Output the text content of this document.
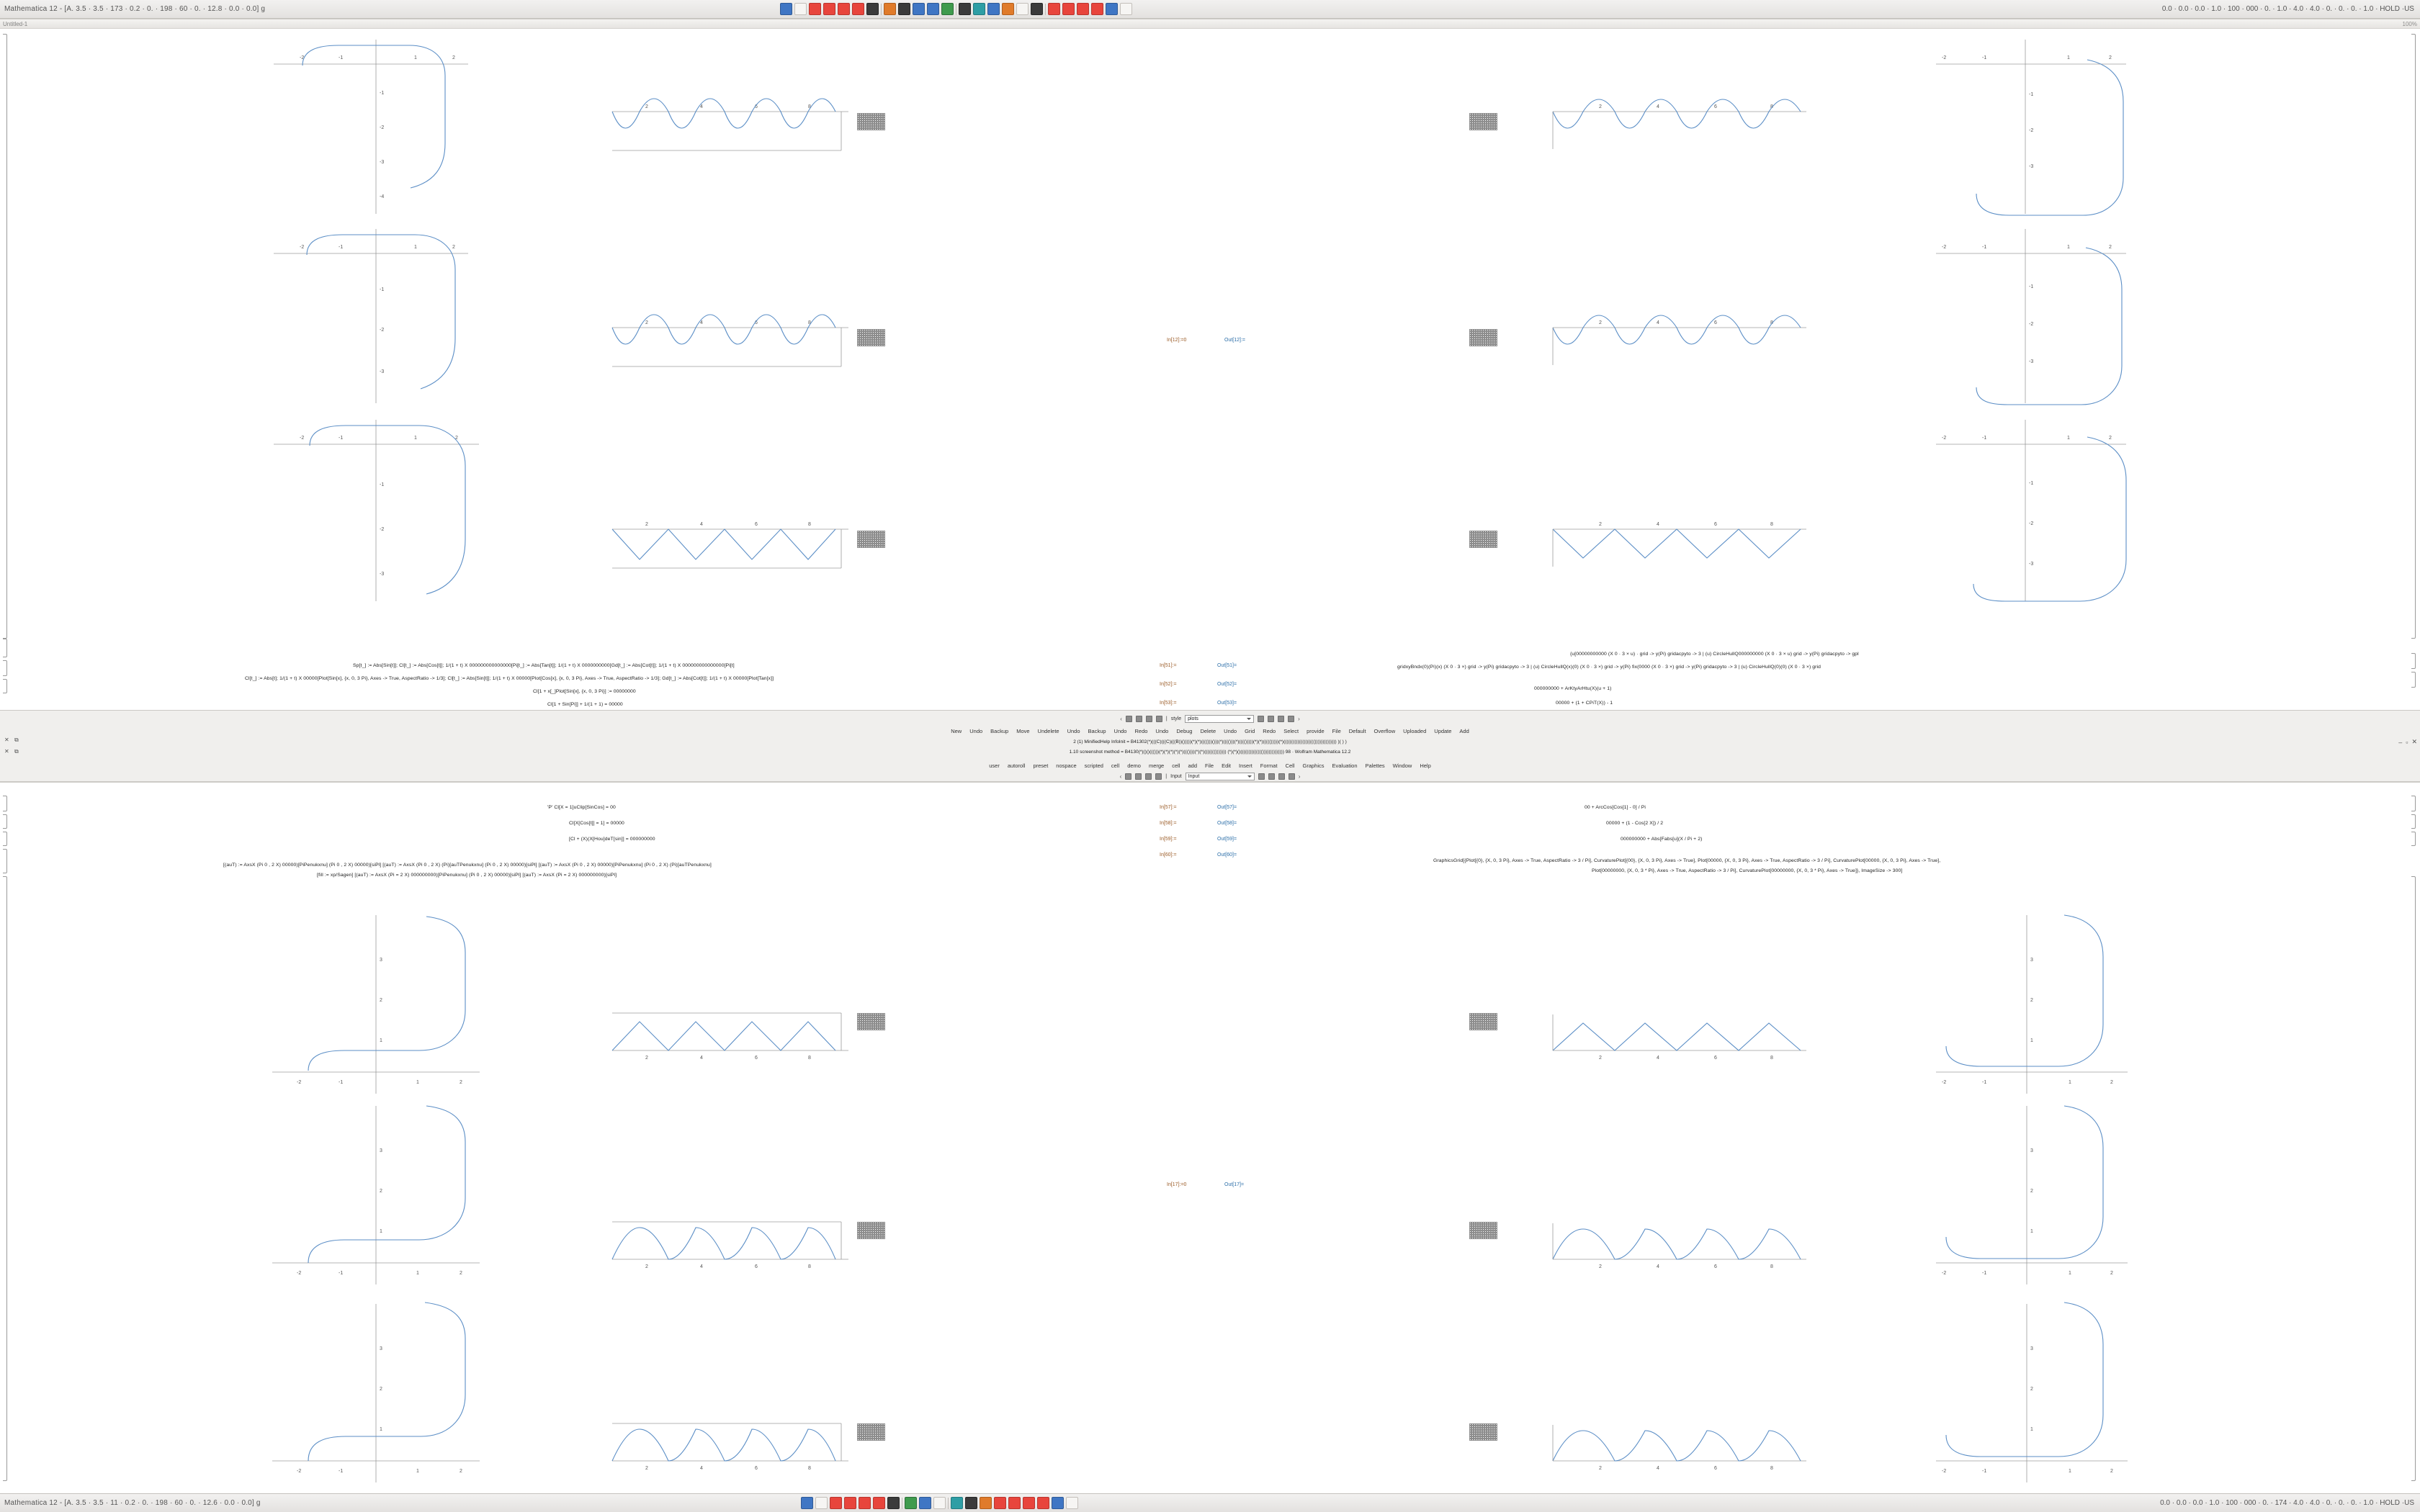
Mathematica 12 - [A. 3.5 · 3.5 · 173 · 0.2 · 0. · 198 · 60 · 0. · 12.8 · 0.0 · 0.0] g	0.0 · 0.0 · 0.0 · 1.0 · 100 · 000 · 0. · 1.0 · 4.0 · 4.0 · 0. · 0. · 0. · 1.0 · HOLD ·US
Untitled-1	100%
-2	-1	1	2
-1
-2
-3
-4
-2	-1	1	2
-1
-2
-3
-2	-1	1	2
-1
-2
-3
2	4	6	8
2	4	6	8
2	4	6	8
2	4	6	8
2	4	6	8
2	4	6	8
-2	-1	1	2
-1
-2
-3
-2	-1	1	2
-1
-2
-3
-2	-1	1	2
-1
-2
-3
In[12]:=0	Out[12]:=
Sp[t_] := Abs[Sin[t]]; Cl[t_] := Abs[Cos[t]]; 1/(1 + t) X 000000000000000[Pi[t_] := Abs[Tan[t]]; 1/(1 + t) X 0000000000[Gd[t_] := Abs[Cot[t]]; 1/(1 + t) X 000000000000000[Pi[t]
Cl[t_] := Abs[t]; 1/(1 + t) X 00000[Plot[Sin[x], {x, 0, 3 Pi}, Axes -> True, AspectRatio -> 1/3]; Cl[t_] := Abs[Sin[t]]; 1/(1 + t) X 00000[Plot[Cos[x], {x, 0, 3 Pi}, Axes -> True, AspectRatio -> 1/3]; Gd[t_] := Abs[Cot[t]]; 1/(1 + t) X 00000[Plot[Tan[x]]
Cl[1 + x[_]Plot[Sin[x], {x, 0, 3 Pi}] := 00000000
Cl[1 + Sin[Pi]] + 1/(1 + 1) = 00000
In[51]:=	Out[51]=
In[52]:=	Out[52]=
In[53]:=	Out[53]=
{u[00000000000 (X 0 · 3 × u) · grid -> y(Pi) gridacpyto -> 3 | (u) CircleHullQ000000000 (X 0 · 3 × u) grid -> y(Pi) gridacpyto -> gpl
gridxyBndx(0)(Pi)(x) (X 0 · 3 ×) grid -> y(Pi) gridacpyto -> 3 | (u) CircleHullQ(x)(0) (X 0 · 3 ×) grid -> y(Pi) fix(0000 (X 0 · 3 ×) grid -> y(Pi) gridacpyto -> 3 | (u) CircleHullQ(0)(0) (X 0 · 3 ×) grid
000000000 + ArKtyArHtu(X)(u + 1)
00000 + (1 + CPiT(X)) - 1
‹	| style plots	›
New Undo Backup Move Undelete Undo Backup Undo Redo Undo Debug Delete Undo Grid Redo Select provide File Default Overflow Uploaded Update Add
2 (1) MinifiedHelp InfoInit = B41302(*)(((C)(((C)(((B))()))))(*)(*)(((()))()))(*)(((()))(*)(((()))))(*)(*)((((()))))(*)(((((((((((((((((((()))))))))))))) )( ) )
1.10 screenshot method = B4130(*)()()((()))(*)(*)(*)(*)(*)((())))(*)(*)((((((())))))) (*)(*)()(((((((((((((()))))))))))))) 98 · Wolfram Mathematica 12.2
user autoroll preset nospace scripted cell demo merge cell add File Edit Insert Format Cell Graphics Evaluation Palettes Window Help
‹	| Input Input	›
– ▫ ✕
✕ ⧉
✕ ⧉
'P' Cl[X = 1]uClip[SinCos] = 00
Cl[X[Cos[t]] = 1] = 00000
[Cl + (X)(X[Hou]deT[sin]] = 000000000
[(auT) := AxsX (Pi 0 , 2 X) 00000)[PiPenukxnu] (Pi 0 , 2 X) 00000)[siPl] [(auT) := AxsX (Pi 0 , 2 X) (Pi)[auTPenukxnu] (Pi 0 , 2 X) 00000)[siPl] [(auT) := AxsX (Pi 0 , 2 X) 00000)[PiPenukxnu] (Pi 0 , 2 X) (Pi)[auTPenukxnu]
[fill := xp/Sagen] [(auT) := AxsX (Pi = 2 X) 000000000)[PiPenukxnu] (Pi 0 , 2 X) 00000)[siPl] [(auT) := AxsX (Pi = 2 X) 000000000)[siPl]
In[57]:=	Out[57]=
In[58]:=	Out[58]=
In[59]:=	Out[59]=
In[60]:=	Out[60]=
00 + ArcCos[Cos[1] - 0] / Pi
00000 + (1 - Cos[2 X]) / 2
000000000 + Abs[Fabs[u](X / Pi + 2)
GraphicsGrid[{Plot[{0}, {X, 0, 3 Pi}, Axes -> True, AspectRatio -> 3 / Pi], CurvaturePlot[{00}, {X, 0, 3 Pi}, Axes -> True], Plot[00000, {X, 0, 3 Pi}, Axes -> True, AspectRatio -> 3 / Pi], CurvaturePlot[00000, {X, 0, 3 Pi}, Axes -> True],
Plot[00000000, {X, 0, 3 * Pi}, Axes -> True, AspectRatio -> 3 / Pi], CurvaturePlot[00000000, {X, 0, 3 * Pi}, Axes -> True]}, ImageSize -> 300]
-2	-1	1	2
1
2
3
-2	-1	1	2
1
2
3
-2	-1	1	2
1
2
3
2	4	6	8
2	4	6	8
2	4	6	8
2	4	6	8
2	4	6	8
2	4	6	8
-2	-1	1	2
1
2
3
-2	-1	1	2
1
2
3
-2	-1	1	2
1
2
3
In[17]:=0	Out[17]=
Mathematica 12 - [A. 3.5 · 3.5 · 11 · 0.2 · 0. · 198 · 60 · 0. · 12.6 · 0.0 · 0.0] g	0.0 · 0.0 · 0.0 · 1.0 · 100 · 000 · 0. · 174 · 4.0 · 4.0 · 0. · 0. · 0. · 1.0 · HOLD ·US
